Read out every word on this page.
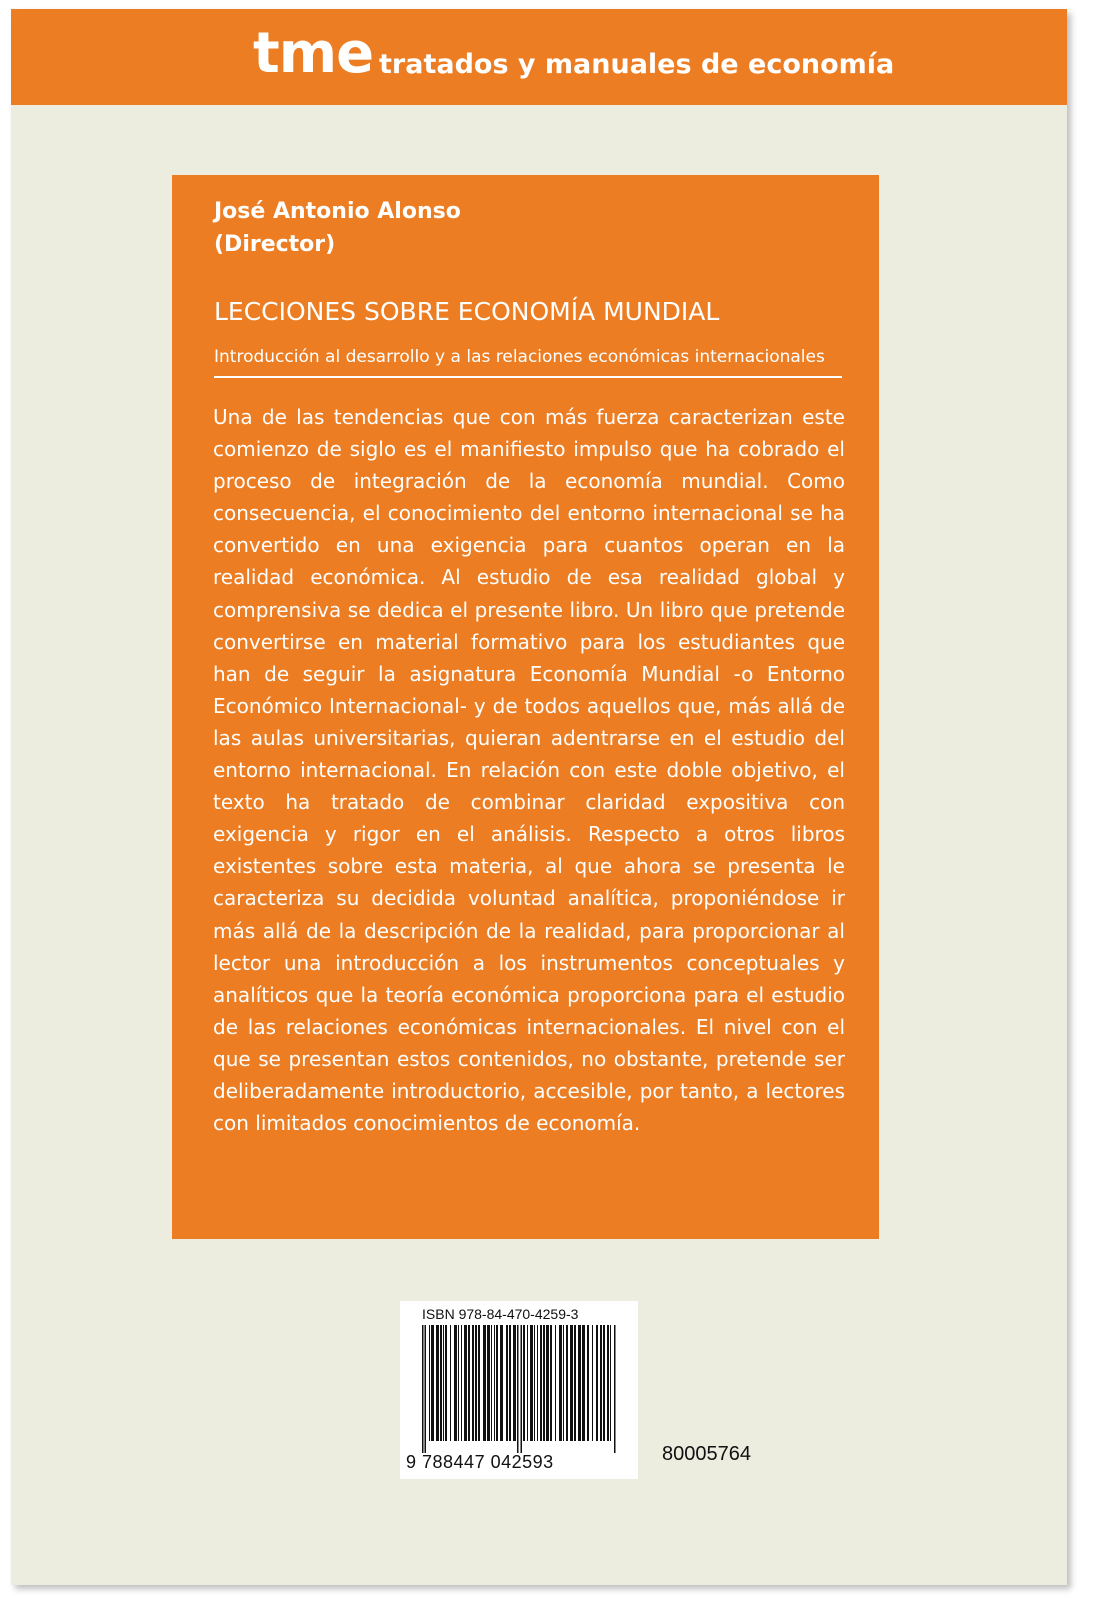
tme tratados y manuales de economía
José Antonio Alonso
(Director)
LECCIONES SOBRE ECONOMÍA MUNDIAL
Introducción al desarrollo y a las relaciones económicas internacionales

Una de las tendencias que con más fuerza caracterizan este comienzo de siglo es el manifiesto impulso que ha cobrado el proceso de integración de la economía mundial. Como consecuencia, el conocimiento del entorno internacional se ha convertido en una exigencia para cuantos operan en la realidad económica. Al estudio de esa realidad global y comprensiva se dedica el presente libro. Un libro que pretende convertirse en material formativo para los estudiantes que han de seguir la asignatura Economía Mundial -o Entorno Económico Internacional- y de todos aquellos que, más allá de las aulas universitarias, quieran adentrarse en el estudio del entorno internacional. En relación con este doble objetivo, el texto ha tratado de combinar claridad expositiva con exigencia y rigor en el análisis. Respecto a otros libros existentes sobre esta materia, al que ahora se presenta le caracteriza su decidida voluntad analítica, proponiéndose ir más allá de la descripción de la realidad, para proporcionar al lector una introducción a los instrumentos conceptuales y analíticos que la teoría económica proporciona para el estudio de las relaciones económicas internacionales. El nivel con el que se presentan estos contenidos, no obstante, pretende ser deliberadamente introductorio, accesible, por tanto, a lectores con limitados conocimientos de economía.

ISBN 978-84-470-4259-3
9 788447 042593	80005764
